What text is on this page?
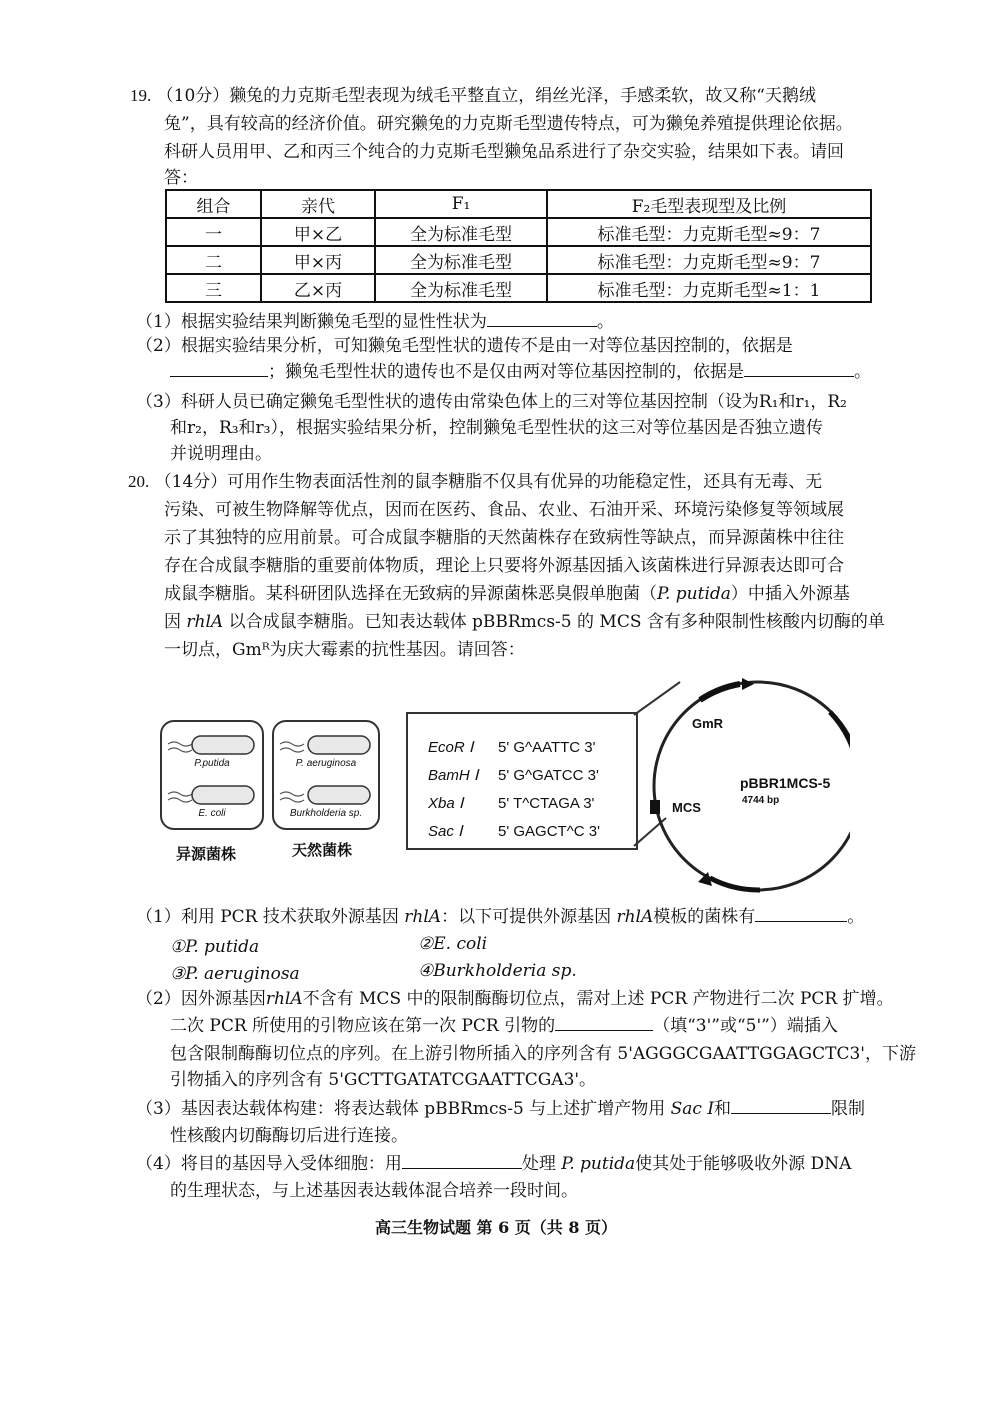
19. （10分）獭兔的力克斯毛型表现为绒毛平整直立，绢丝光泽，手感柔软，故又称“天鹅绒
兔”，具有较高的经济价值。研究獭兔的力克斯毛型遗传特点，可为獭兔养殖提供理论依据。
科研人员用甲、乙和丙三个纯合的力克斯毛型獭兔品系进行了杂交实验，结果如下表。请回
答：
组合	亲代	F₁	F₂毛型表现型及比例
一	甲×乙	全为标准毛型	标准毛型：力克斯毛型≈9：7
二	甲×丙	全为标准毛型	标准毛型：力克斯毛型≈9：7
三	乙×丙	全为标准毛型	标准毛型：力克斯毛型≈1：1
（1）根据实验结果判断獭兔毛型的显性性状为	。
（2）根据实验结果分析，可知獭兔毛型性状的遗传不是由一对等位基因控制的，依据是
；獭兔毛型性状的遗传也不是仅由两对等位基因控制的，依据是	。
（3）科研人员已确定獭兔毛型性状的遗传由常染色体上的三对等位基因控制（设为R₁和r₁，R₂
和r₂，R₃和r₃），根据实验结果分析，控制獭兔毛型性状的这三对等位基因是否独立遗传
并说明理由。
20. （14分）可用作生物表面活性剂的鼠李糖脂不仅具有优异的功能稳定性，还具有无毒、无
污染、可被生物降解等优点，因而在医药、食品、农业、石油开采、环境污染修复等领域展
示了其独特的应用前景。可合成鼠李糖脂的天然菌株存在致病性等缺点，而异源菌株中往往
存在合成鼠李糖脂的重要前体物质，理论上只要将外源基因插入该菌株进行异源表达即可合
成鼠李糖脂。某科研团队选择在无致病的异源菌株恶臭假单胞菌（P. putida）中插入外源基
因 rhlA 以合成鼠李糖脂。已知表达载体 pBBRmcs-5 的 MCS 含有多种限制性核酸内切酶的单
一切点，Gmᴿ为庆大霉素的抗性基因。请回答：
P.putida
E. coli
P. aeruginosa
Burkholderia sp.
异源菌株	天然菌株
EcoR Ⅰ 5' G^AATTC 3'
BamH Ⅰ 5' G^GATCC 3'
Xba Ⅰ 5' T^CTAGA 3'
Sac Ⅰ 5' GAGCT^C 3'
GmR
pBBR1MCS-5
4744 bp
MCS
（1）利用 PCR 技术获取外源基因 rhlA：以下可提供外源基因 rhlA模板的菌株有	。
①P. putida	②E. coli
③P. aeruginosa	④Burkholderia sp.
（2）因外源基因rhlA不含有 MCS 中的限制酶酶切位点，需对上述 PCR 产物进行二次 PCR 扩增。
二次 PCR 所使用的引物应该在第一次 PCR 引物的	（填“3'”或“5'”）端插入
包含限制酶酶切位点的序列。在上游引物所插入的序列含有 5'AGGGCGAATTGGAGCTC3'，下游
引物插入的序列含有 5'GCTTGATATCGAATTCGA3'。
（3）基因表达载体构建：将表达载体 pBBRmcs-5 与上述扩增产物用 Sac Ⅰ和	限制
性核酸内切酶酶切后进行连接。
（4）将目的基因导入受体细胞：用	处理 P. putida使其处于能够吸收外源 DNA
的生理状态，与上述基因表达载体混合培养一段时间。
高三生物试题 第 6 页（共 8 页）
